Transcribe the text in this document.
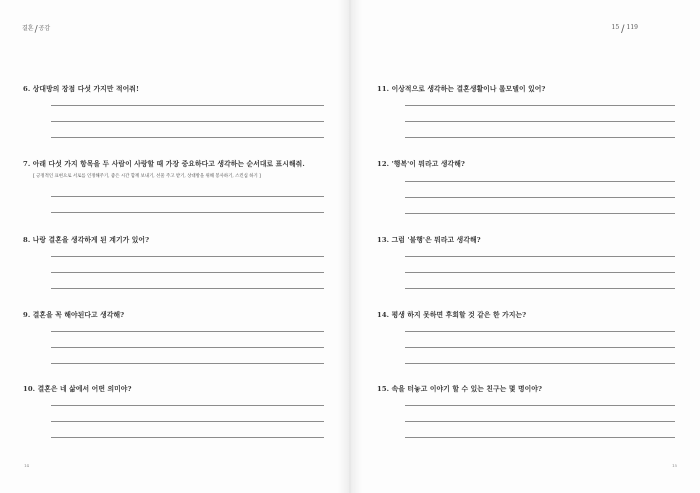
결혼/공감	15 / 119
6. 상대방의 장점 다섯 가지만 적어줘!
7. 아래 다섯 가지 항목을 두 사람이 사랑할 때 가장 중요하다고 생각하는 순서대로 표시해줘.
[ 긍정적인 표현으로 서로를 인정해주기, 좋은 시간 함께 보내기, 선물 주고 받기, 상대방을 위해 봉사하기, 스킨십 하기 ]
8. 나랑 결혼을 생각하게 된 계기가 있어?
9. 결혼을 꼭 해야된다고 생각해?
10. 결혼은 네 삶에서 어떤 의미야?
14
11. 이상적으로 생각하는 결혼생활이나 롤모델이 있어?
12. '행복'이 뭐라고 생각해?
13. 그럼 '불행'은 뭐라고 생각해?
14. 평생 하지 못하면 후회할 것 같은 한 가지는?
15. 속을 터놓고 이야기 할 수 있는 친구는 몇 명이야?
15
